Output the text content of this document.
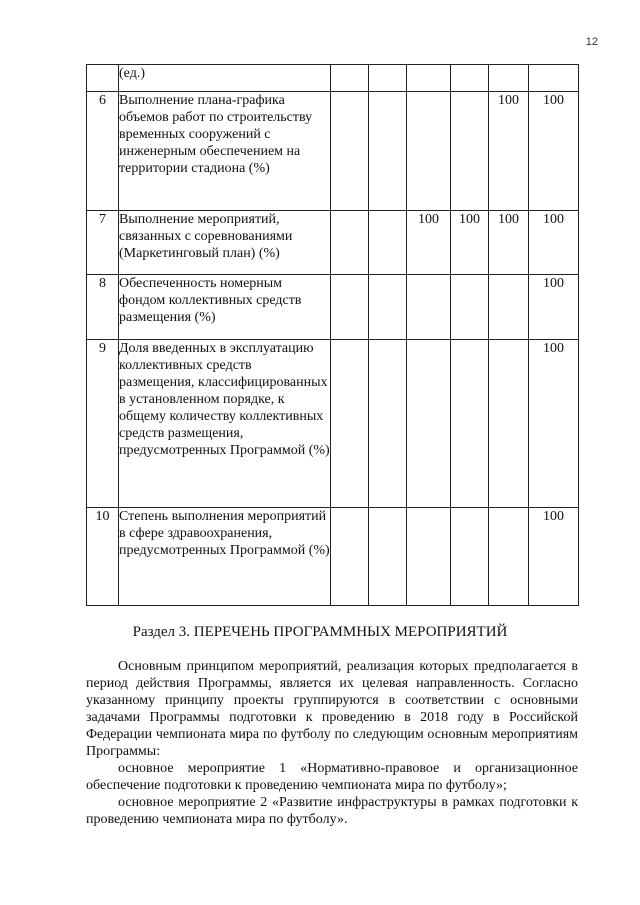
12
	(ед.)						
6	Выполнение плана-графика объемов работ по строительству временных сооружений с инженерным обеспечением на территории стадиона (%)					100	100
7	Выполнение мероприятий, связанных с соревнованиями (Маркетинговый план) (%)			100	100	100	100
8	Обеспеченность номерным фондом коллективных средств размещения (%)						100
9	Доля введенных в эксплуатацию коллективных средств размещения, классифицированных в установленном порядке, к общему количеству коллективных средств размещения, предусмотренных Программой (%)						100
10	Степень выполнения мероприятий в сфере здравоохранения, предусмотренных Программой (%)						100
Раздел 3. ПЕРЕЧЕНЬ ПРОГРАММНЫХ МЕРОПРИЯТИЙ

Основным принципом мероприятий, реализация которых предполагается в период действия Программы, является их целевая направленность. Согласно указанному принципу проекты группируются в соответствии с основными задачами Программы подготовки к проведению в 2018 году в Российской Федерации чемпионата мира по футболу по следующим основным мероприятиям Программы:

основное мероприятие 1 «Нормативно-правовое и организационное обеспечение подготовки к проведению чемпионата мира по футболу»;

основное мероприятие 2 «Развитие инфраструктуры в рамках подготовки к проведению чемпионата мира по футболу».
